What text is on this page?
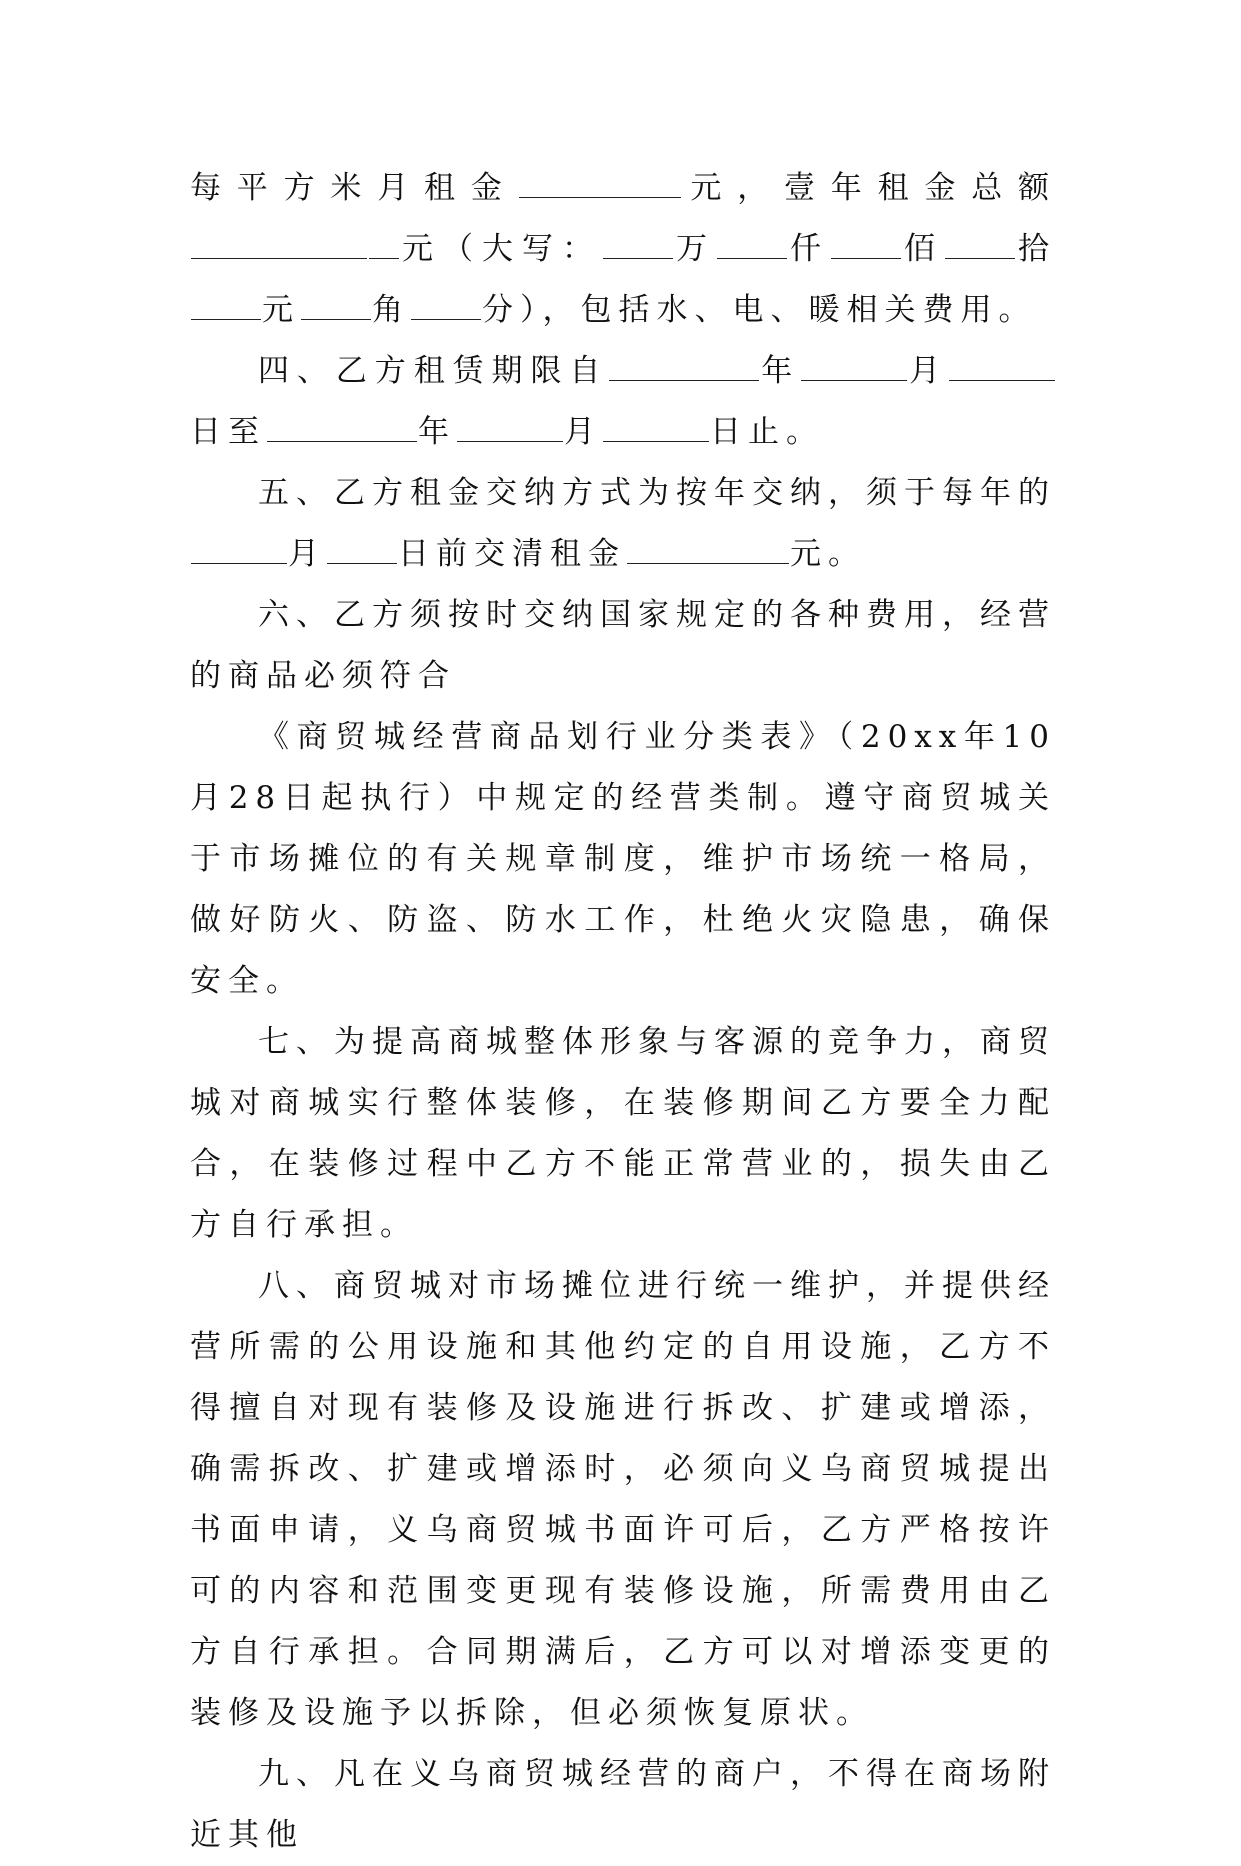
每平方米月租金	元，壹年租金总额元（大写： 万 仟 佰 拾元 角 分），包括水、电、暖相关费用。

四、乙方租赁期限自	年	月日至	年	月	日止。

五、乙方租金交纳方式为按年交纳，须于每年的月 日前交清租金	元。

六、乙方须按时交纳国家规定的各种费用，经营的商品必须符合

《商贸城经营商品划行业分类表》（20xx年10月28日起执行）中规定的经营类制。遵守商贸城关于市场摊位的有关规章制度，维护市场统一格局，做好防火、防盗、防水工作，杜绝火灾隐患，确保安全。

七、为提高商城整体形象与客源的竞争力，商贸城对商城实行整体装修，在装修期间乙方要全力配合，在装修过程中乙方不能正常营业的，损失由乙方自行承担。

八、商贸城对市场摊位进行统一维护，并提供经营所需的公用设施和其他约定的自用设施，乙方不得擅自对现有装修及设施进行拆改、扩建或增添，确需拆改、扩建或增添时，必须向义乌商贸城提出书面申请，义乌商贸城书面许可后，乙方严格按许可的内容和范围变更现有装修设施，所需费用由乙方自行承担。合同期满后，乙方可以对增添变更的装修及设施予以拆除，但必须恢复原状。

九、凡在义乌商贸城经营的商户，不得在商场附近其他
